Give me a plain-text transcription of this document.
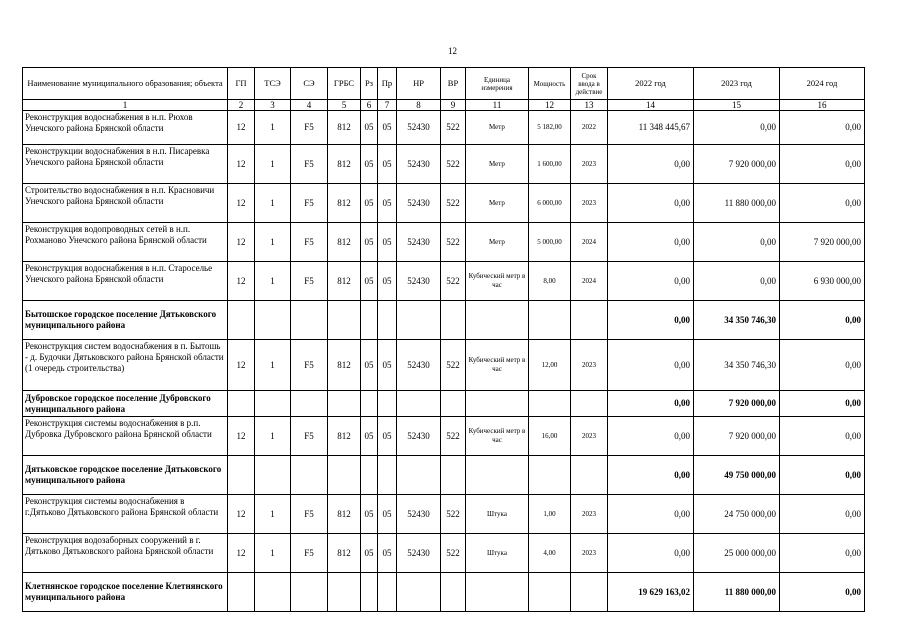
12
Наименование муниципального образования; объекта	ГП	ТСЭ	СЭ	ГРБС	Рз	Пр	НР	ВР	Единица измерения	Мощность	Срок ввода в действие	2022 год	2023 год	2024 год
1	2	3	4	5	6	7	8	9	11	12	13	14	15	16
Реконструкция водоснабжения в н.п. Рюхов Унечского района Брянской области	12	1	F5	812	05	05	52430	522	Метр	5 182,00	2022	11 348 445,67	0,00	0,00
Реконструкции водоснабжения в н.п. Писаревка Унечского района Брянской области	12	1	F5	812	05	05	52430	522	Метр	1 600,00	2023	0,00	7 920 000,00	0,00
Строительство водоснабжения в н.п. Красновичи Унечского района Брянской области	12	1	F5	812	05	05	52430	522	Метр	6 000,00	2023	0,00	11 880 000,00	0,00
Реконструкция водопроводных сетей в н.п. Рохманово Унечского района Брянской области	12	1	F5	812	05	05	52430	522	Метр	5 000,00	2024	0,00	0,00	7 920 000,00
Реконструкция водоснабжения в н.п. Староселье Унечского района Брянской области	12	1	F5	812	05	05	52430	522	Кубический метр в час	8,00	2024	0,00	0,00	6 930 000,00
Бытошское городское поселение Дятьковского муниципального района												0,00	34 350 746,30	0,00
Реконструкция систем водоснабжения в п. Бытошь - д. Будочки Дятьковского района Брянской области (1 очередь строительства)	12	1	F5	812	05	05	52430	522	Кубический метр в час	12,00	2023	0,00	34 350 746,30	0,00
Дубровское городское поселение Дубровского муниципального района												0,00	7 920 000,00	0,00
Реконструкция системы водоснабжения в р.п. Дубровка Дубровского района Брянской области	12	1	F5	812	05	05	52430	522	Кубический метр в час	16,00	2023	0,00	7 920 000,00	0,00
Дятьковское городское поселение Дятьковского муниципального района												0,00	49 750 000,00	0,00
Реконструкция системы водоснабжения в г.Дятьково Дятьковского района Брянской области	12	1	F5	812	05	05	52430	522	Штука	1,00	2023	0,00	24 750 000,00	0,00
Реконструкция водозаборных сооружений в г. Дятьково Дятьковского района Брянской области	12	1	F5	812	05	05	52430	522	Штука	4,00	2023	0,00	25 000 000,00	0,00
Клетнянское городское поселение Клетнянского муниципального района												19 629 163,02	11 880 000,00	0,00
